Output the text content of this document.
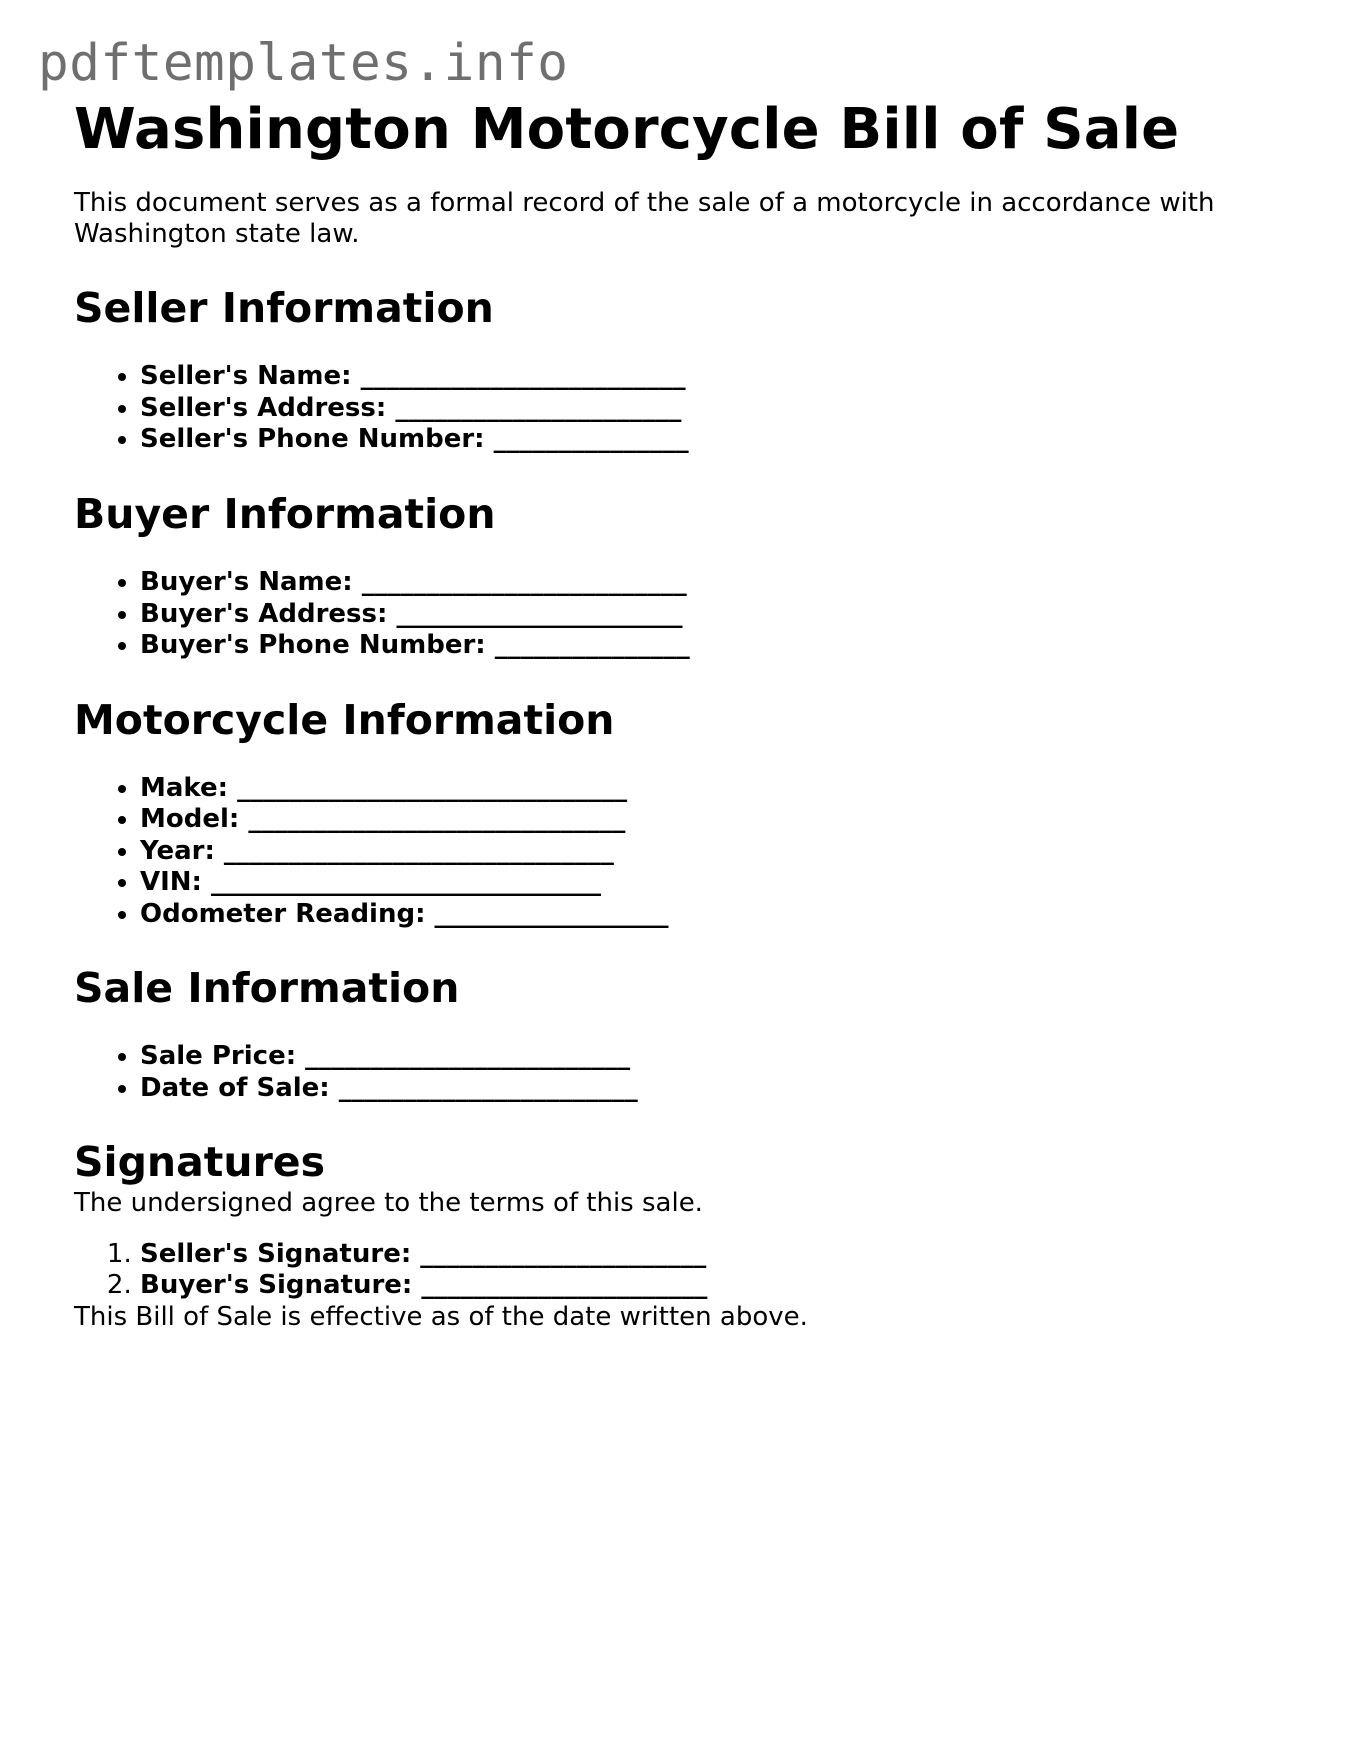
pdftemplates.info
Washington Motorcycle Bill of Sale

This document serves as a formal record of the sale of a motorcycle in accordance with Washington state law.

Seller Information
• Seller's Name: _________________________
• Seller's Address: ______________________
• Seller's Phone Number: _______________
Buyer Information
• Buyer's Name: _________________________
• Buyer's Address: ______________________
• Buyer's Phone Number: _______________
Motorcycle Information
• Make: ______________________________
• Model: _____________________________
• Year: ______________________________
• VIN: ______________________________
• Odometer Reading: __________________
Sale Information
• Sale Price: _________________________
• Date of Sale: _______________________
Signatures

The undersigned agree to the terms of this sale.

1. Seller's Signature: ______________________
2. Buyer's Signature: ______________________

This Bill of Sale is effective as of the date written above.
